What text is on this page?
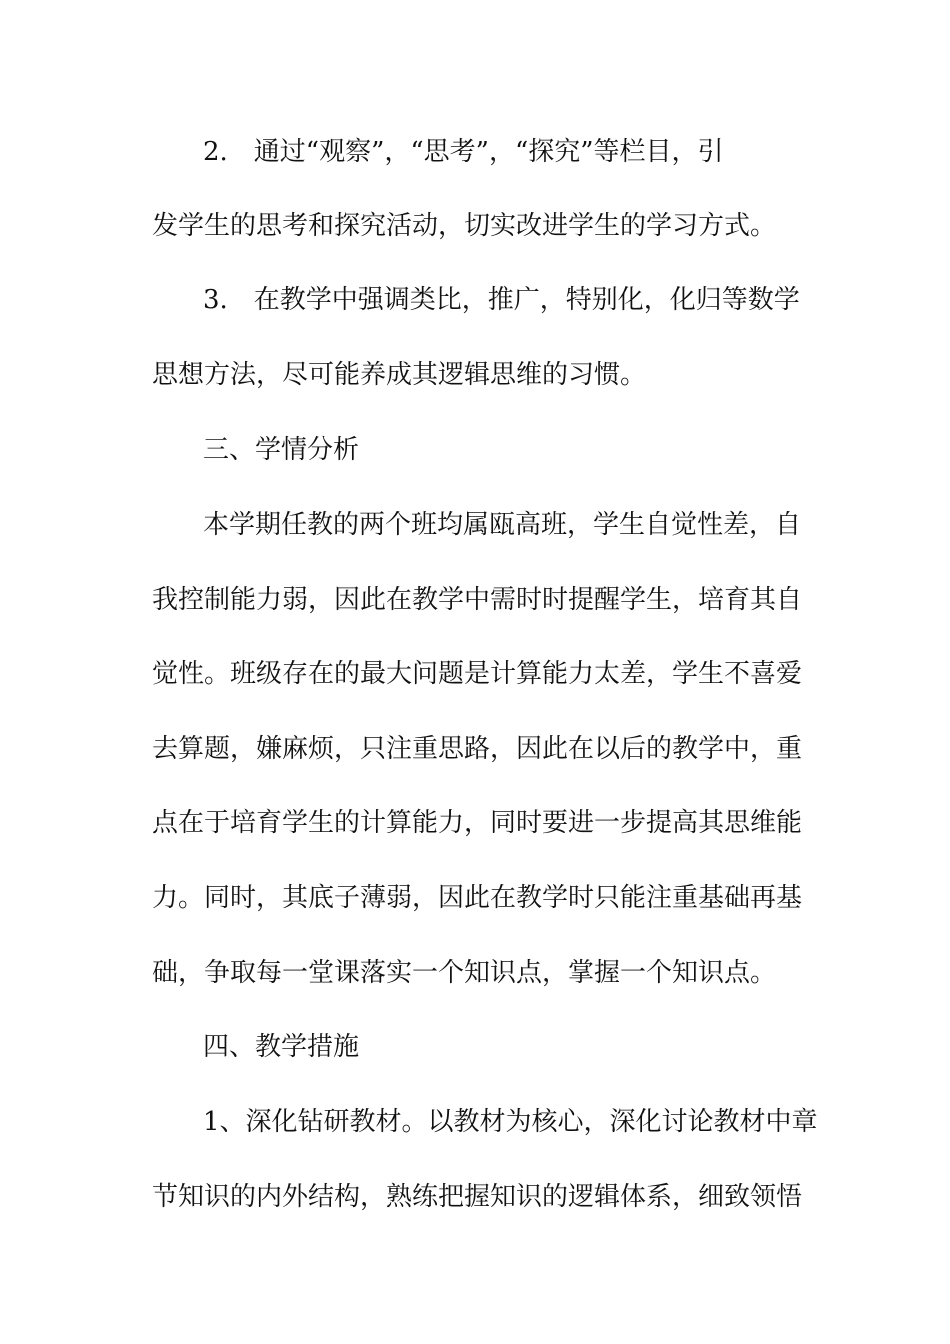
2.　通过“观察”，“思考”，“探究”等栏目，引
发学生的思考和探究活动，切实改进学生的学习方式。
3.　在教学中强调类比，推广，特别化，化归等数学
思想方法，尽可能养成其逻辑思维的习惯。
三、学情分析
本学期任教的两个班均属瓯高班，学生自觉性差，自
我控制能力弱，因此在教学中需时时提醒学生，培育其自
觉性。班级存在的最大问题是计算能力太差，学生不喜爱
去算题，嫌麻烦，只注重思路，因此在以后的教学中，重
点在于培育学生的计算能力，同时要进一步提高其思维能
力。同时，其底子薄弱，因此在教学时只能注重基础再基
础，争取每一堂课落实一个知识点，掌握一个知识点。
四、教学措施
1、深化钻研教材。以教材为核心，深化讨论教材中章
节知识的内外结构，熟练把握知识的逻辑体系，细致领悟
